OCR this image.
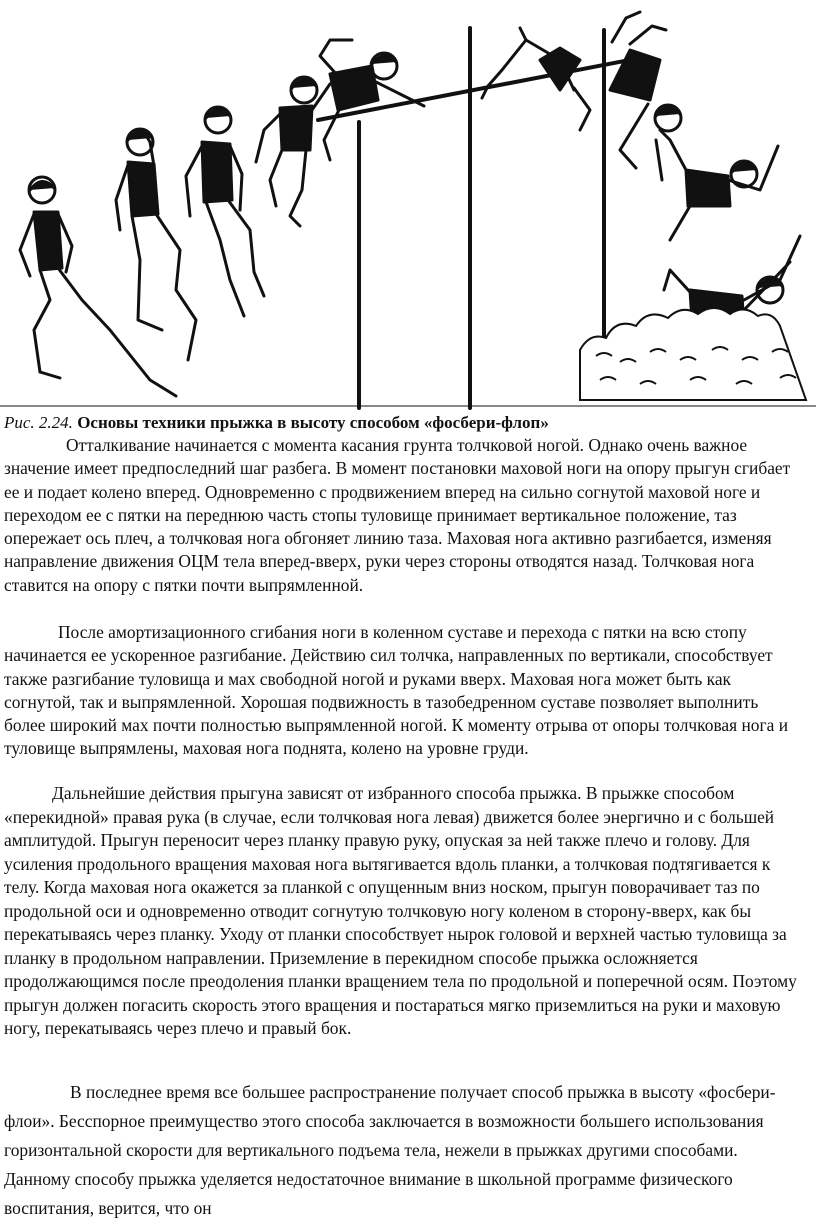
Рис. 2.24. Основы техники прыжка в высоту способом «фосбери-флоп»

Отталкивание начинается с момента касания грунта толчковой ногой. Однако очень важное значение имеет предпоследний шаг разбега. В момент постановки маховой ноги на опору прыгун сгибает ее и подает колено вперед. Одновременно с продвижением вперед на сильно согнутой маховой ноге и переходом ее с пятки на переднюю часть стопы туловище принимает вертикальное положение, таз опережает ось плеч, а толчковая нога обгоняет линию таза. Маховая нога активно разгибается, изменяя направление движения ОЦМ тела вперед-вверх, руки через стороны отводятся назад. Толчковая нога ставится на опору с пятки почти выпрямленной.

После амортизационного сгибания ноги в коленном суставе и перехода с пятки на всю стопу начинается ее ускоренное разгибание. Действию сил толчка, направленных по вертикали, способствует также разгибание туловища и мах свободной ногой и руками вверх. Маховая нога может быть как согнутой, так и выпрямленной. Хорошая подвижность в тазобедренном суставе позволяет выполнить более широкий мах почти полностью выпрямленной ногой. К моменту отрыва от опоры толчковая нога и туловище выпрямлены, маховая нога поднята, колено на уровне груди.

Дальнейшие действия прыгуна зависят от избранного способа прыжка. В прыжке способом «перекидной» правая рука (в случае, если толчковая нога левая) движется более энергично и с большей амплитудой. Прыгун переносит через планку правую руку, опуская за ней также плечо и голову. Для усиления продольного вращения маховая нога вытягивается вдоль планки, а толчковая подтягивается к телу. Когда маховая нога окажется за планкой с опущенным вниз носком, прыгун поворачивает таз по продольной оси и одновременно отводит согнутую толчковую ногу коленом в сторону-вверх, как бы перекатываясь через планку. Уходу от планки способствует нырок головой и верхней частью туловища за планку в продольном направлении. Приземление в перекидном способе прыжка осложняется продолжающимся после преодоления планки вращением тела по продольной и поперечной осям. Поэтому прыгун должен погасить скорость этого вращения и постараться мягко приземлиться на руки и маховую ногу, перекатываясь через плечо и правый бок.

В последнее время все большее распространение получает способ прыжка в высоту «фосбери-флои». Бесспорное преимущество этого способа заключается в возможности большего использования горизонтальной скорости для вертикального подъема тела, нежели в прыжках другими способами. Данному способу прыжка уделяется недостаточное внимание в школьной программе физического воспитания, верится, что он
